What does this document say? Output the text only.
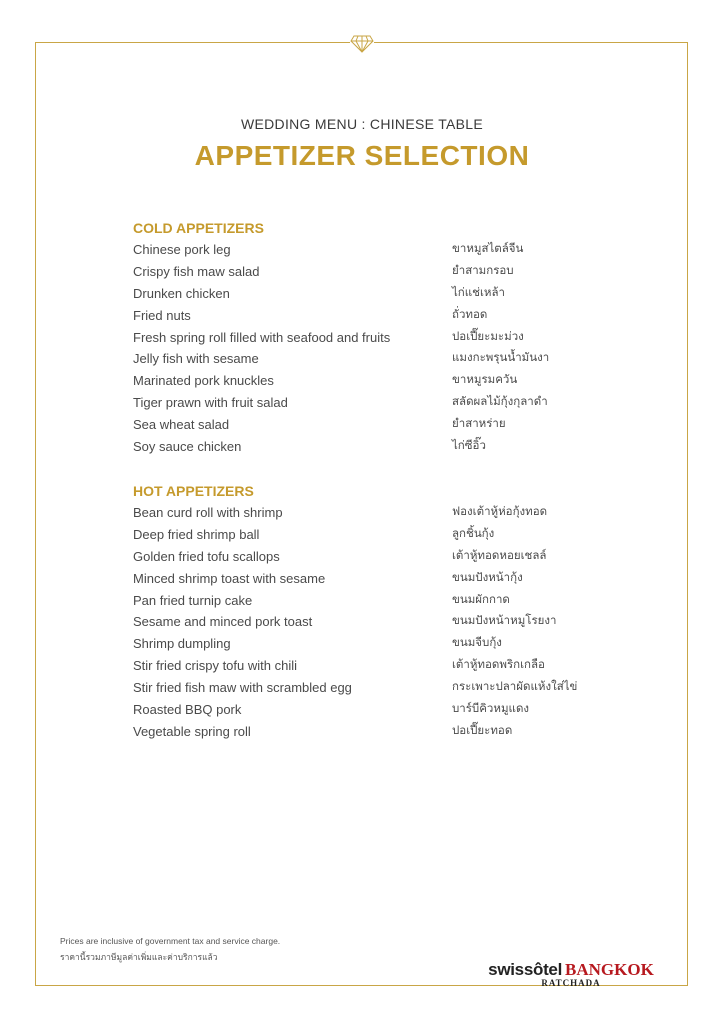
WEDDING MENU : CHINESE TABLE
APPETIZER SELECTION
COLD APPETIZERS
Chinese pork leg	ขาหมูสไตล์จีน
Crispy fish maw salad	ยำสามกรอบ
Drunken chicken	ไก่แช่เหล้า
Fried nuts	ถั่วทอด
Fresh spring roll filled with seafood and fruits	ปอเปี๊ยะมะม่วง
Jelly fish with sesame	แมงกะพรุนน้ำมันงา
Marinated pork knuckles	ขาหมูรมควัน
Tiger prawn with fruit salad	สลัดผลไม้กุ้งกุลาดำ
Sea wheat salad	ยำสาหร่าย
Soy sauce chicken	ไก่ซีอิ๊ว
HOT APPETIZERS
Bean curd roll with shrimp	ฟองเต้าหู้ห่อกุ้งทอด
Deep fried shrimp ball	ลูกชิ้นกุ้ง
Golden fried tofu scallops	เต้าหู้ทอดหอยเชลล์
Minced shrimp toast with sesame	ขนมปังหน้ากุ้ง
Pan fried turnip cake	ขนมผักกาด
Sesame and minced pork toast	ขนมปังหน้าหมูโรยงา
Shrimp dumpling	ขนมจีบกุ้ง
Stir fried crispy tofu with chili	เต้าหู้ทอดพริกเกลือ
Stir fried fish maw with scrambled egg	กระเพาะปลาผัดแห้งใส่ไข่
Roasted BBQ pork	บาร์บีคิวหมูแดง
Vegetable spring roll	ปอเปี๊ยะทอด
Prices are inclusive of government tax and service charge.
ราคานี้รวมภาษีมูลค่าเพิ่มและค่าบริการแล้ว
swissôtel BANGKOK
RATCHADA
